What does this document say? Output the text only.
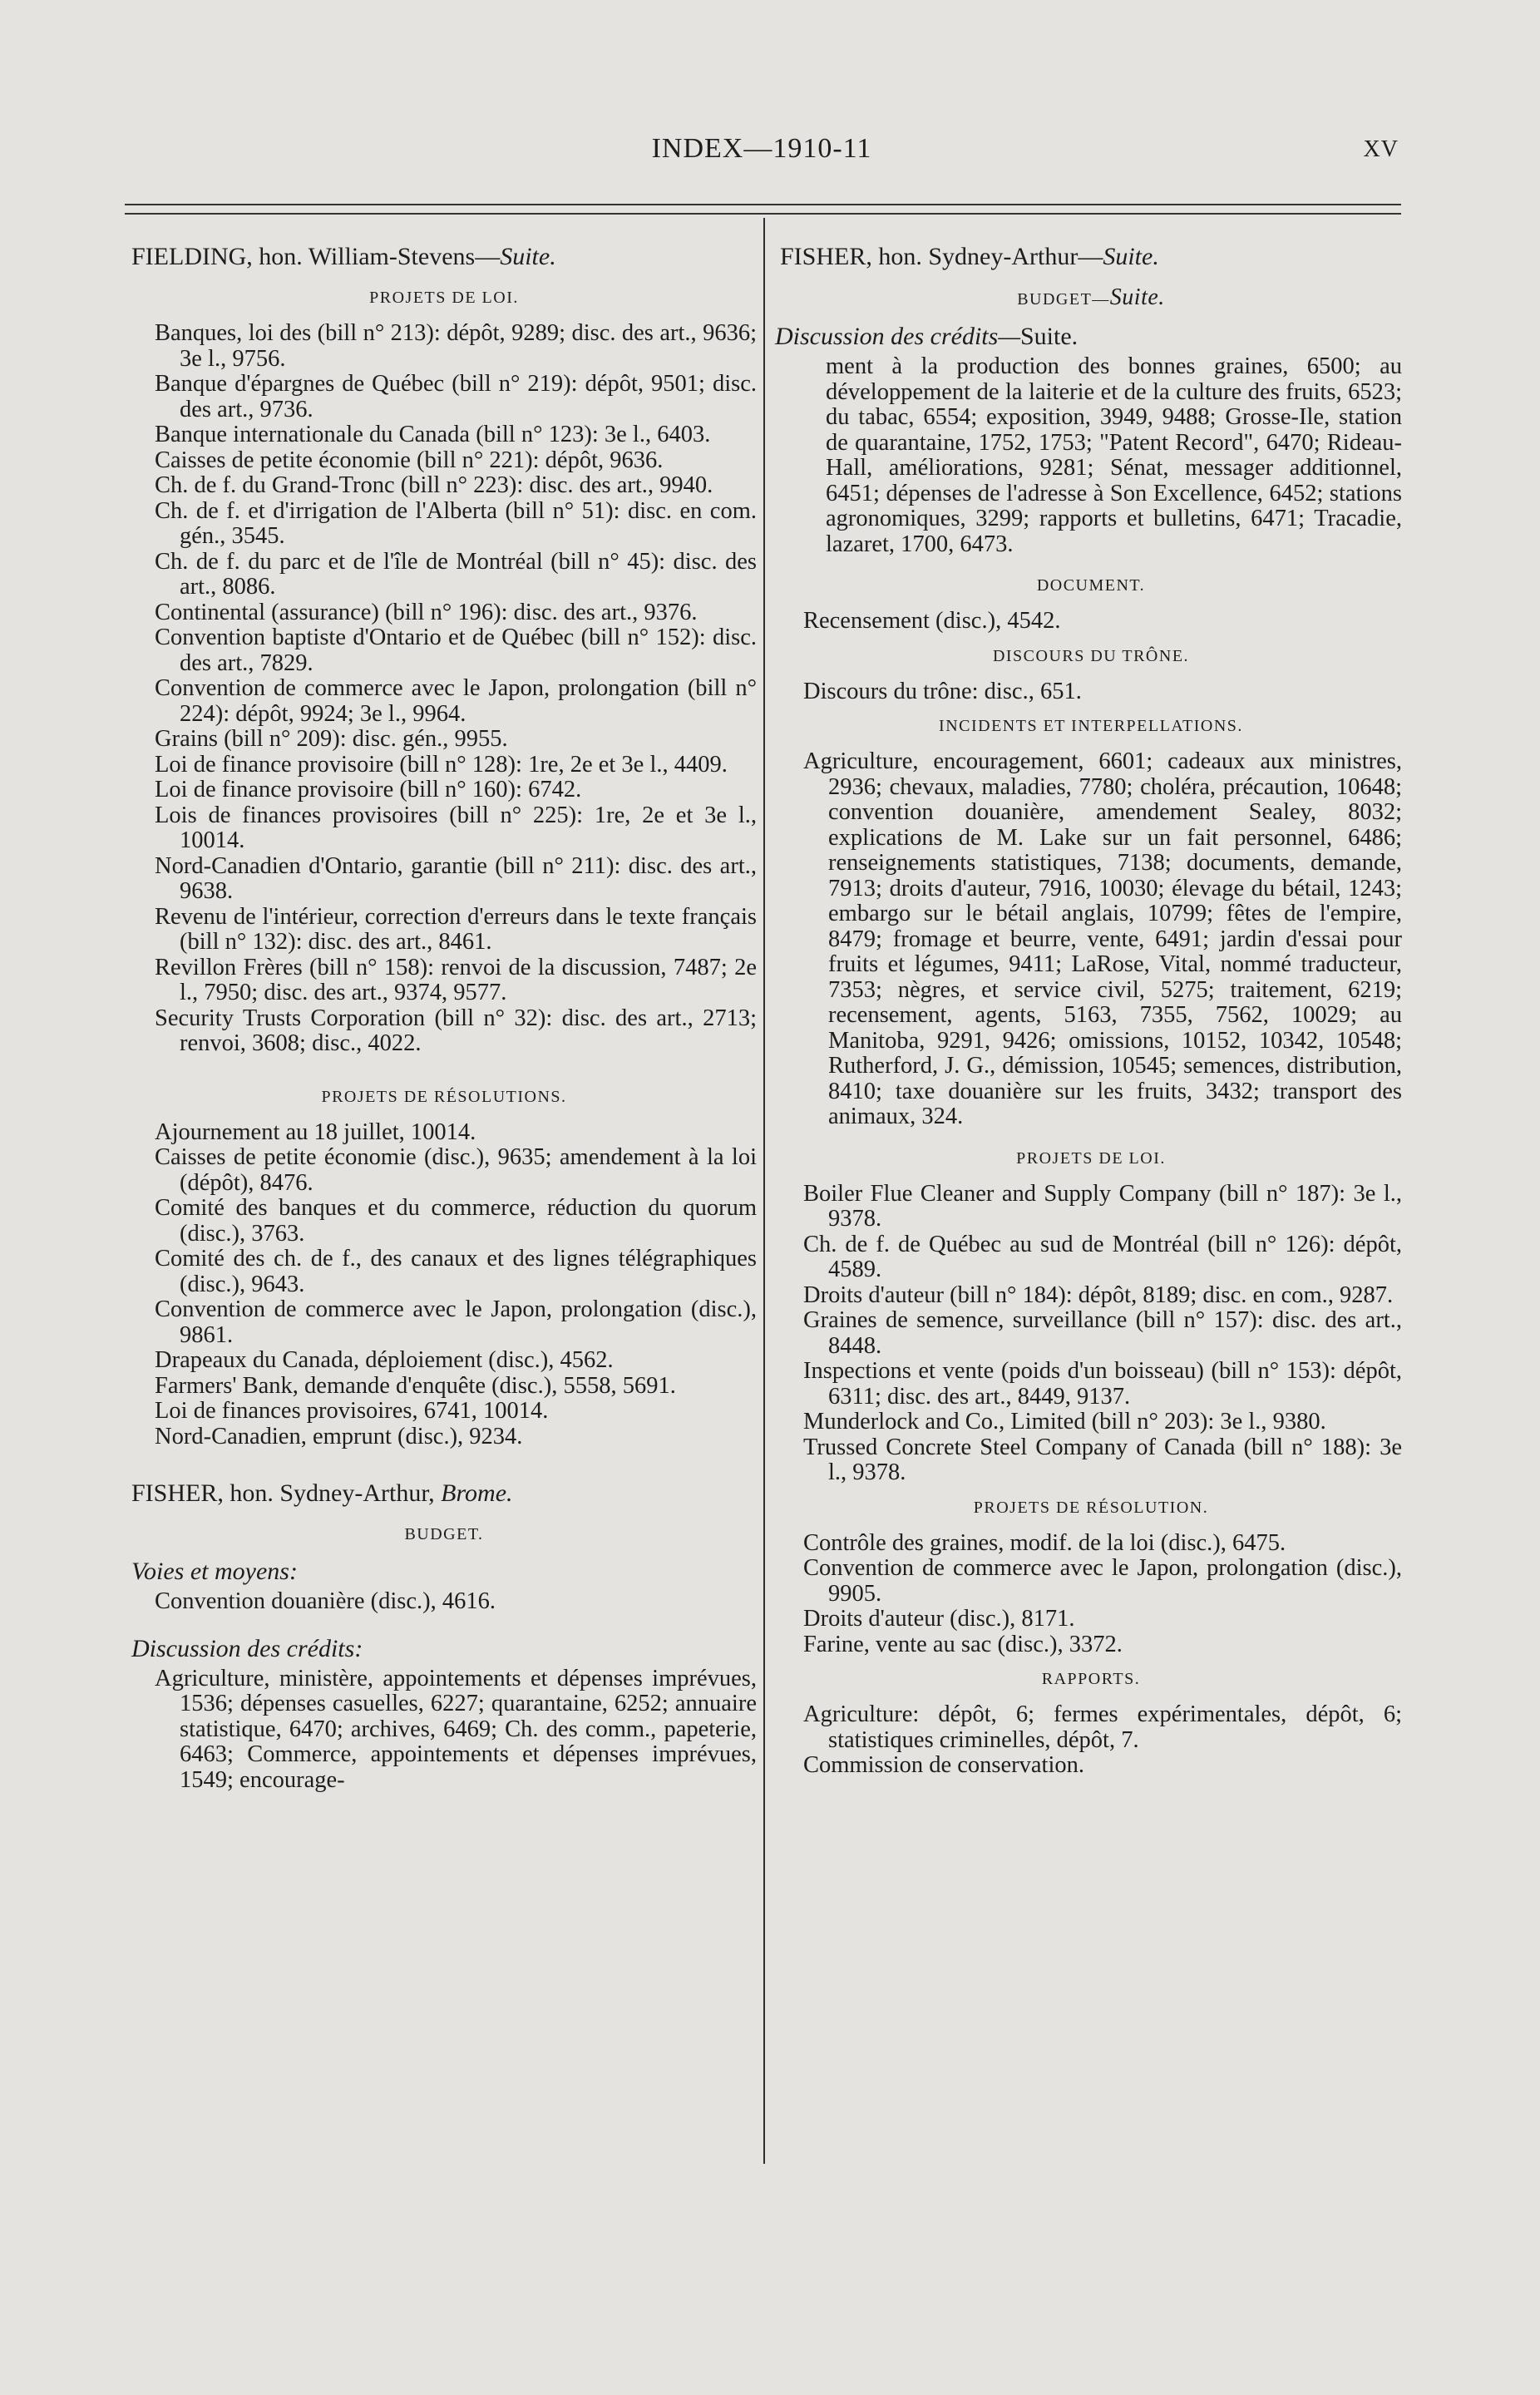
INDEX—1910-11	XV
FIELDING, hon. William-Stevens—Suite.
PROJETS DE LOI.

Banques, loi des (bill n° 213): dépôt, 9289; disc. des art., 9636; 3e l., 9756.

Banque d'épargnes de Québec (bill n° 219): dépôt, 9501; disc. des art., 9736.

Banque internationale du Canada (bill n° 123): 3e l., 6403.

Caisses de petite économie (bill n° 221): dépôt, 9636.

Ch. de f. du Grand-Tronc (bill n° 223): disc. des art., 9940.

Ch. de f. et d'irrigation de l'Alberta (bill n° 51): disc. en com. gén., 3545.

Ch. de f. du parc et de l'île de Montréal (bill n° 45): disc. des art., 8086.

Continental (assurance) (bill n° 196): disc. des art., 9376.

Convention baptiste d'Ontario et de Québec (bill n° 152): disc. des art., 7829.

Convention de commerce avec le Japon, prolongation (bill n° 224): dépôt, 9924; 3e l., 9964.

Grains (bill n° 209): disc. gén., 9955.

Loi de finance provisoire (bill n° 128): 1re, 2e et 3e l., 4409.

Loi de finance provisoire (bill n° 160): 6742.

Lois de finances provisoires (bill n° 225): 1re, 2e et 3e l., 10014.

Nord-Canadien d'Ontario, garantie (bill n° 211): disc. des art., 9638.

Revenu de l'intérieur, correction d'erreurs dans le texte français (bill n° 132): disc. des art., 8461.

Revillon Frères (bill n° 158): renvoi de la discussion, 7487; 2e l., 7950; disc. des art., 9374, 9577.

Security Trusts Corporation (bill n° 32): disc. des art., 2713; renvoi, 3608; disc., 4022.

PROJETS DE RÉSOLUTIONS.

Ajournement au 18 juillet, 10014.

Caisses de petite économie (disc.), 9635; amendement à la loi (dépôt), 8476.

Comité des banques et du commerce, réduction du quorum (disc.), 3763.

Comité des ch. de f., des canaux et des lignes télégraphiques (disc.), 9643.

Convention de commerce avec le Japon, prolongation (disc.), 9861.

Drapeaux du Canada, déploiement (disc.), 4562.

Farmers' Bank, demande d'enquête (disc.), 5558, 5691.

Loi de finances provisoires, 6741, 10014.

Nord-Canadien, emprunt (disc.), 9234.

FISHER, hon. Sydney-Arthur, Brome.
BUDGET.
Voies et moyens:

Convention douanière (disc.), 4616.

Discussion des crédits:

Agriculture, ministère, appointements et dépenses imprévues, 1536; dépenses casuelles, 6227; quarantaine, 6252; annuaire statistique, 6470; archives, 6469; Ch. des comm., papeterie, 6463; Commerce, appointements et dépenses imprévues, 1549; encourage-

FISHER, hon. Sydney-Arthur—Suite.
BUDGET—Suite.
Discussion des crédits—Suite.

ment à la production des bonnes graines, 6500; au développement de la laiterie et de la culture des fruits, 6523; du tabac, 6554; exposition, 3949, 9488; Grosse-Ile, station de quarantaine, 1752, 1753; "Patent Record", 6470; Rideau-Hall, améliorations, 9281; Sénat, messager additionnel, 6451; dépenses de l'adresse à Son Excellence, 6452; stations agronomiques, 3299; rapports et bulletins, 6471; Tracadie, lazaret, 1700, 6473.

DOCUMENT.

Recensement (disc.), 4542.

DISCOURS DU TRÔNE.

Discours du trône: disc., 651.

INCIDENTS ET INTERPELLATIONS.

Agriculture, encouragement, 6601; cadeaux aux ministres, 2936; chevaux, maladies, 7780; choléra, précaution, 10648; convention douanière, amendement Sealey, 8032; explications de M. Lake sur un fait personnel, 6486; renseignements statistiques, 7138; documents, demande, 7913; droits d'auteur, 7916, 10030; élevage du bétail, 1243; embargo sur le bétail anglais, 10799; fêtes de l'empire, 8479; fromage et beurre, vente, 6491; jardin d'essai pour fruits et légumes, 9411; LaRose, Vital, nommé traducteur, 7353; nègres, et service civil, 5275; traitement, 6219; recensement, agents, 5163, 7355, 7562, 10029; au Manitoba, 9291, 9426; omissions, 10152, 10342, 10548; Rutherford, J. G., démission, 10545; semences, distribution, 8410; taxe douanière sur les fruits, 3432; transport des animaux, 324.

PROJETS DE LOI.

Boiler Flue Cleaner and Supply Company (bill n° 187): 3e l., 9378.

Ch. de f. de Québec au sud de Montréal (bill n° 126): dépôt, 4589.

Droits d'auteur (bill n° 184): dépôt, 8189; disc. en com., 9287.

Graines de semence, surveillance (bill n° 157): disc. des art., 8448.

Inspections et vente (poids d'un boisseau) (bill n° 153): dépôt, 6311; disc. des art., 8449, 9137.

Munderlock and Co., Limited (bill n° 203): 3e l., 9380.

Trussed Concrete Steel Company of Canada (bill n° 188): 3e l., 9378.

PROJETS DE RÉSOLUTION.

Contrôle des graines, modif. de la loi (disc.), 6475.

Convention de commerce avec le Japon, prolongation (disc.), 9905.

Droits d'auteur (disc.), 8171.

Farine, vente au sac (disc.), 3372.

RAPPORTS.

Agriculture: dépôt, 6; fermes expérimentales, dépôt, 6; statistiques criminelles, dépôt, 7.

Commission de conservation.
